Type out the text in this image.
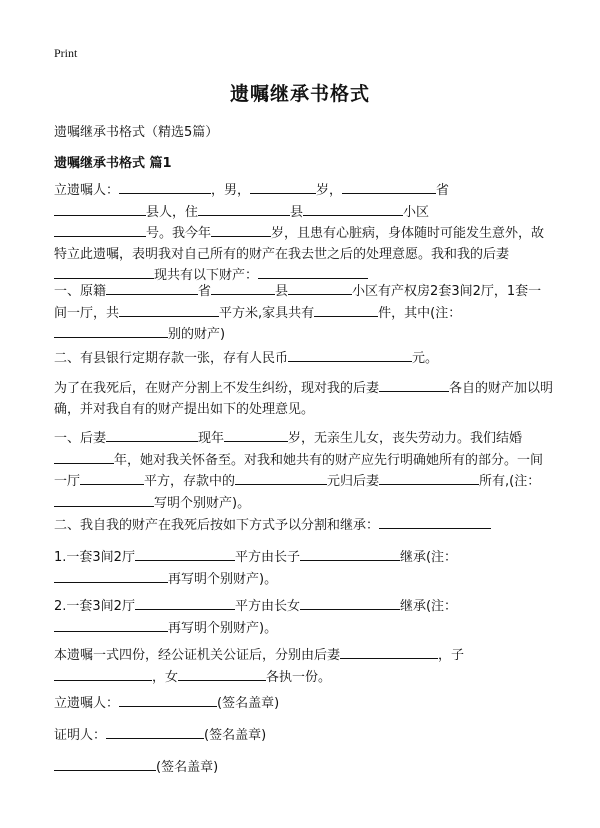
Print
遗嘱继承书格式
遗嘱继承书格式（精选5篇）
遗嘱继承书格式 篇1

立遗嘱人：	，男，	岁，	省
县人，住	县	小区
号。我今年	岁，且患有心脏病，身体随时可能发生意外，故特立此遗嘱，表明我对自己所有的财产在我去世之后的处理意愿。我和我的后妻现共有以下财产：

一、原籍	省	县	小区有产权房2套3间2厅，1套一间一厅，共	平方米,家具共有	件，其中(注：别的财产)

二、有县银行定期存款一张，存有人民币	元。

为了在我死后，在财产分割上不发生纠纷，现对我的后妻	各自的财产加以明确，并对我自有的财产提出如下的处理意见。

一、后妻	现年	岁，无亲生儿女，丧失劳动力。我们结婚年，她对我关怀备至。对我和她共有的财产应先行明确她所有的部分。一间一厅	平方，存款中的	元归后妻	所有,(注：写明个别财产)。

二、我自我的财产在我死后按如下方式予以分割和继承：

1.一套3间2厅	平方由长子	继承(注：
再写明个别财产)。

2.一套3间2厅	平方由长女	继承(注：
再写明个别财产)。

本遗嘱一式四份，经公证机关公证后，分别由后妻	，子
，女	各执一份。

立遗嘱人：	(签名盖章)

证明人：	(签名盖章)

(签名盖章)
